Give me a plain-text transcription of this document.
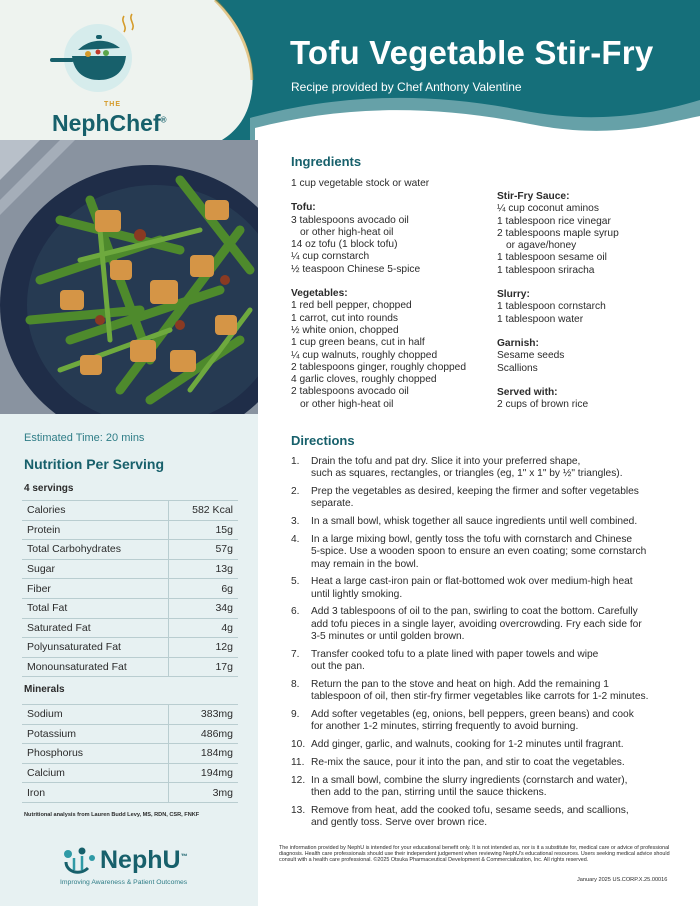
Tofu Vegetable Stir-Fry
Recipe provided by Chef Anthony Valentine
THE
NephChef®
Estimated Time: 20 mins
Nutrition Per Serving
4 servings
Calories	582 Kcal
Protein	15g
Total Carbohydrates	57g
Sugar	13g
Fiber	6g
Total Fat	34g
Saturated Fat	4g
Polyunsaturated Fat	12g
Monounsaturated Fat	17g
Minerals
Sodium	383mg
Potassium	486mg
Phosphorus	184mg
Calcium	194mg
Iron	3mg
Nutritional analysis from Lauren Budd Levy, MS, RDN, CSR, FNKF
NephU™
Improving Awareness & Patient Outcomes
Ingredients
1 cup vegetable stock or water
Tofu:
3 tablespoons avocado oil
or other high-heat oil
14 oz tofu (1 block tofu)
¼ cup cornstarch
½ teaspoon Chinese 5-spice
Vegetables:
1 red bell pepper, chopped
1 carrot, cut into rounds
½ white onion, chopped
1 cup green beans, cut in half
¼ cup walnuts, roughly chopped
2 tablespoons ginger, roughly chopped
4 garlic cloves, roughly chopped
2 tablespoons avocado oil
or other high-heat oil
Stir-Fry Sauce:
¼ cup coconut aminos
1 tablespoon rice vinegar
2 tablespoons maple syrup
or agave/honey
1 tablespoon sesame oil
1 tablespoon sriracha
Slurry:
1 tablespoon cornstarch
1 tablespoon water
Garnish:
Sesame seeds
Scallions
Served with:
2 cups of brown rice
Directions
1.	Drain the tofu and pat dry. Slice it into your preferred shape,
such as squares, rectangles, or triangles (eg, 1" x 1" by ½" triangles).
2.	Prep the vegetables as desired, keeping the firmer and softer vegetables
separate.
3.	In a small bowl, whisk together all sauce ingredients until well combined.
4.	In a large mixing bowl, gently toss the tofu with cornstarch and Chinese
5-spice. Use a wooden spoon to ensure an even coating; some cornstarch
may remain in the bowl.
5.	Heat a large cast-iron pain or flat-bottomed wok over medium-high heat
until lightly smoking.
6.	Add 3 tablespoons of oil to the pan, swirling to coat the bottom. Carefully
add tofu pieces in a single layer, avoiding overcrowding. Fry each side for
3-5 minutes or until golden brown.
7.	Transfer cooked tofu to a plate lined with paper towels and wipe
out the pan.
8.	Return the pan to the stove and heat on high. Add the remaining 1
tablespoon of oil, then stir-fry firmer vegetables like carrots for 1-2 minutes.
9.	Add softer vegetables (eg, onions, bell peppers, green beans) and cook
for another 1-2 minutes, stirring frequently to avoid burning.
10. Add ginger, garlic, and walnuts, cooking for 1-2 minutes until fragrant.
11. Re-mix the sauce, pour it into the pan, and stir to coat the vegetables.
12. In a small bowl, combine the slurry ingredients (cornstarch and water),
then add to the pan, stirring until the sauce thickens.
13. Remove from heat, add the cooked tofu, sesame seeds, and scallions,
and gently toss. Serve over brown rice.
The information provided by NephU is intended for your educational benefit only. It is not intended as, nor is it a substitute for, medical care or advice of professional diagnosis. Health care professionals should use their independent judgement when reviewing NephU's educational resources. Users seeking medical advice should consult with a health care professional. ©2025 Otsuka Pharmaceutical Development & Commercialization, Inc. All rights reserved.
January 2025 US.CORP.X.25.00016
